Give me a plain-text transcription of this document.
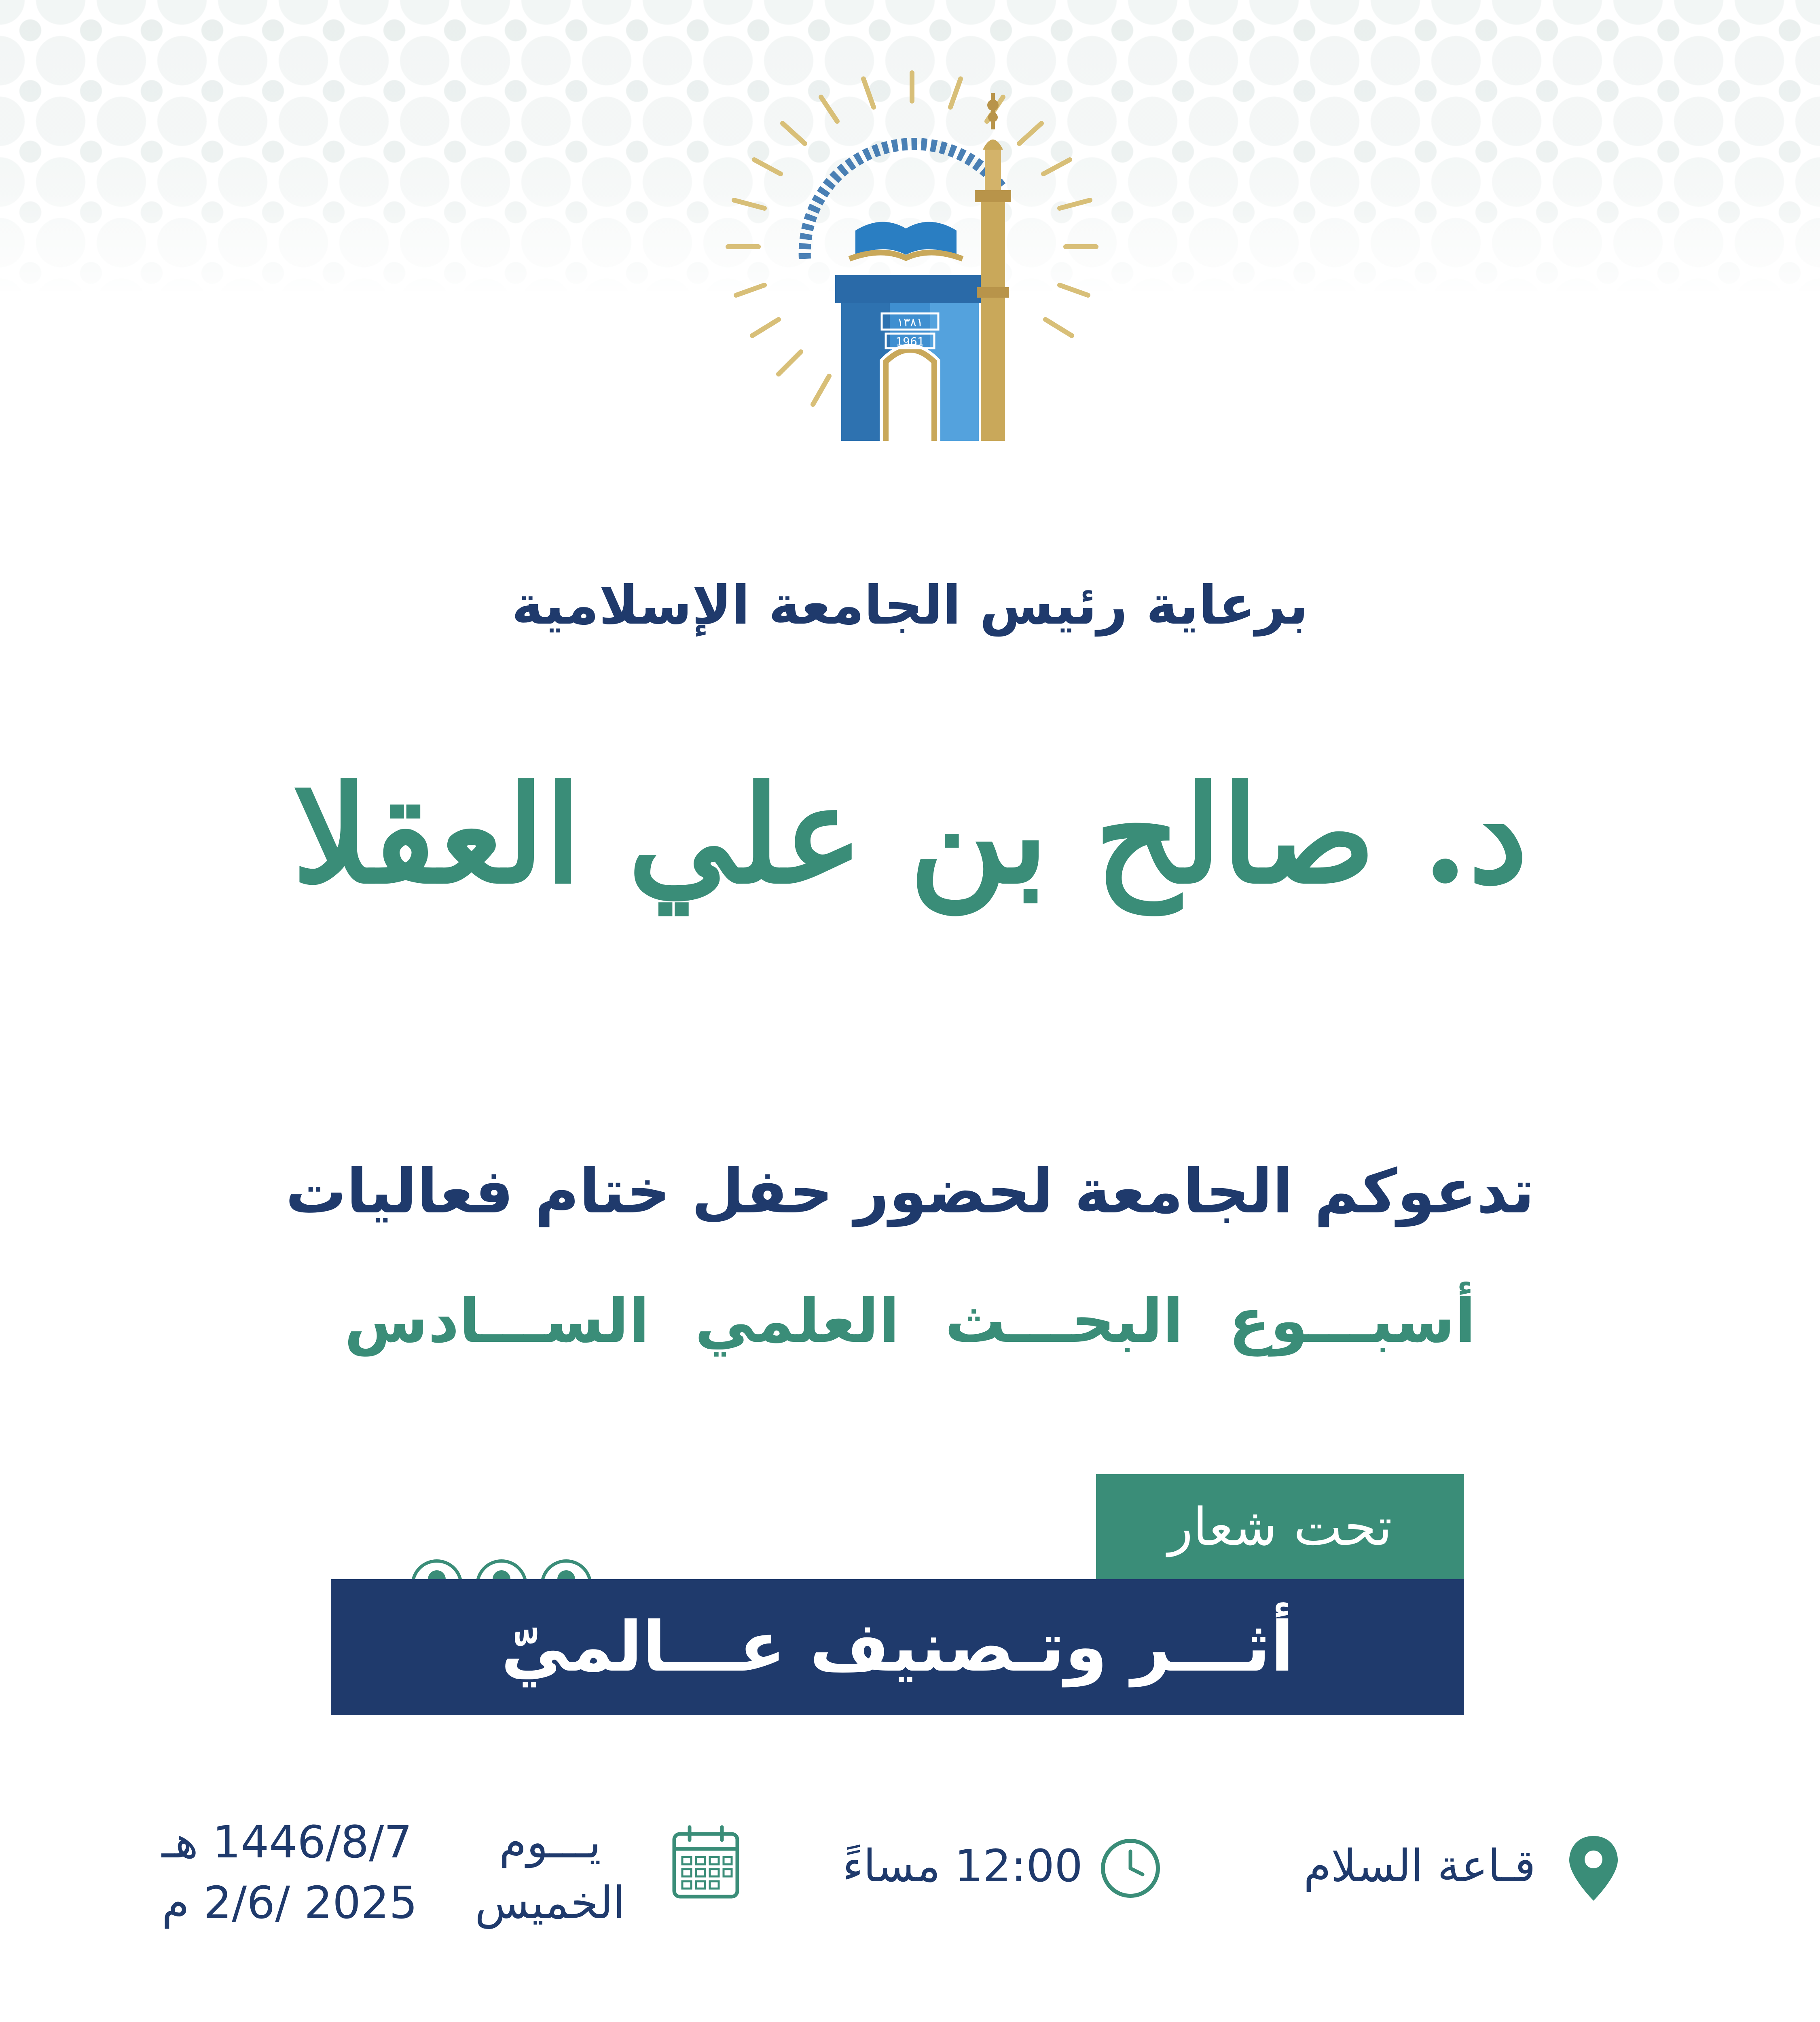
١٣٨١
1961
برعاية رئيس الجامعة الإسلامية
د. صالح بن علي العقلا
تدعوكم الجامعة لحضور حفل ختام فعاليات
أسبـــوع البحـــث العلمي الســـادس
تحت شعار
أثـــر وتـصنيف عـــالميّ
قـاعة السلام
12:00 مساءً
يـــوم
الخميس
1446/8/7 هـ
2025 /2/6 م
